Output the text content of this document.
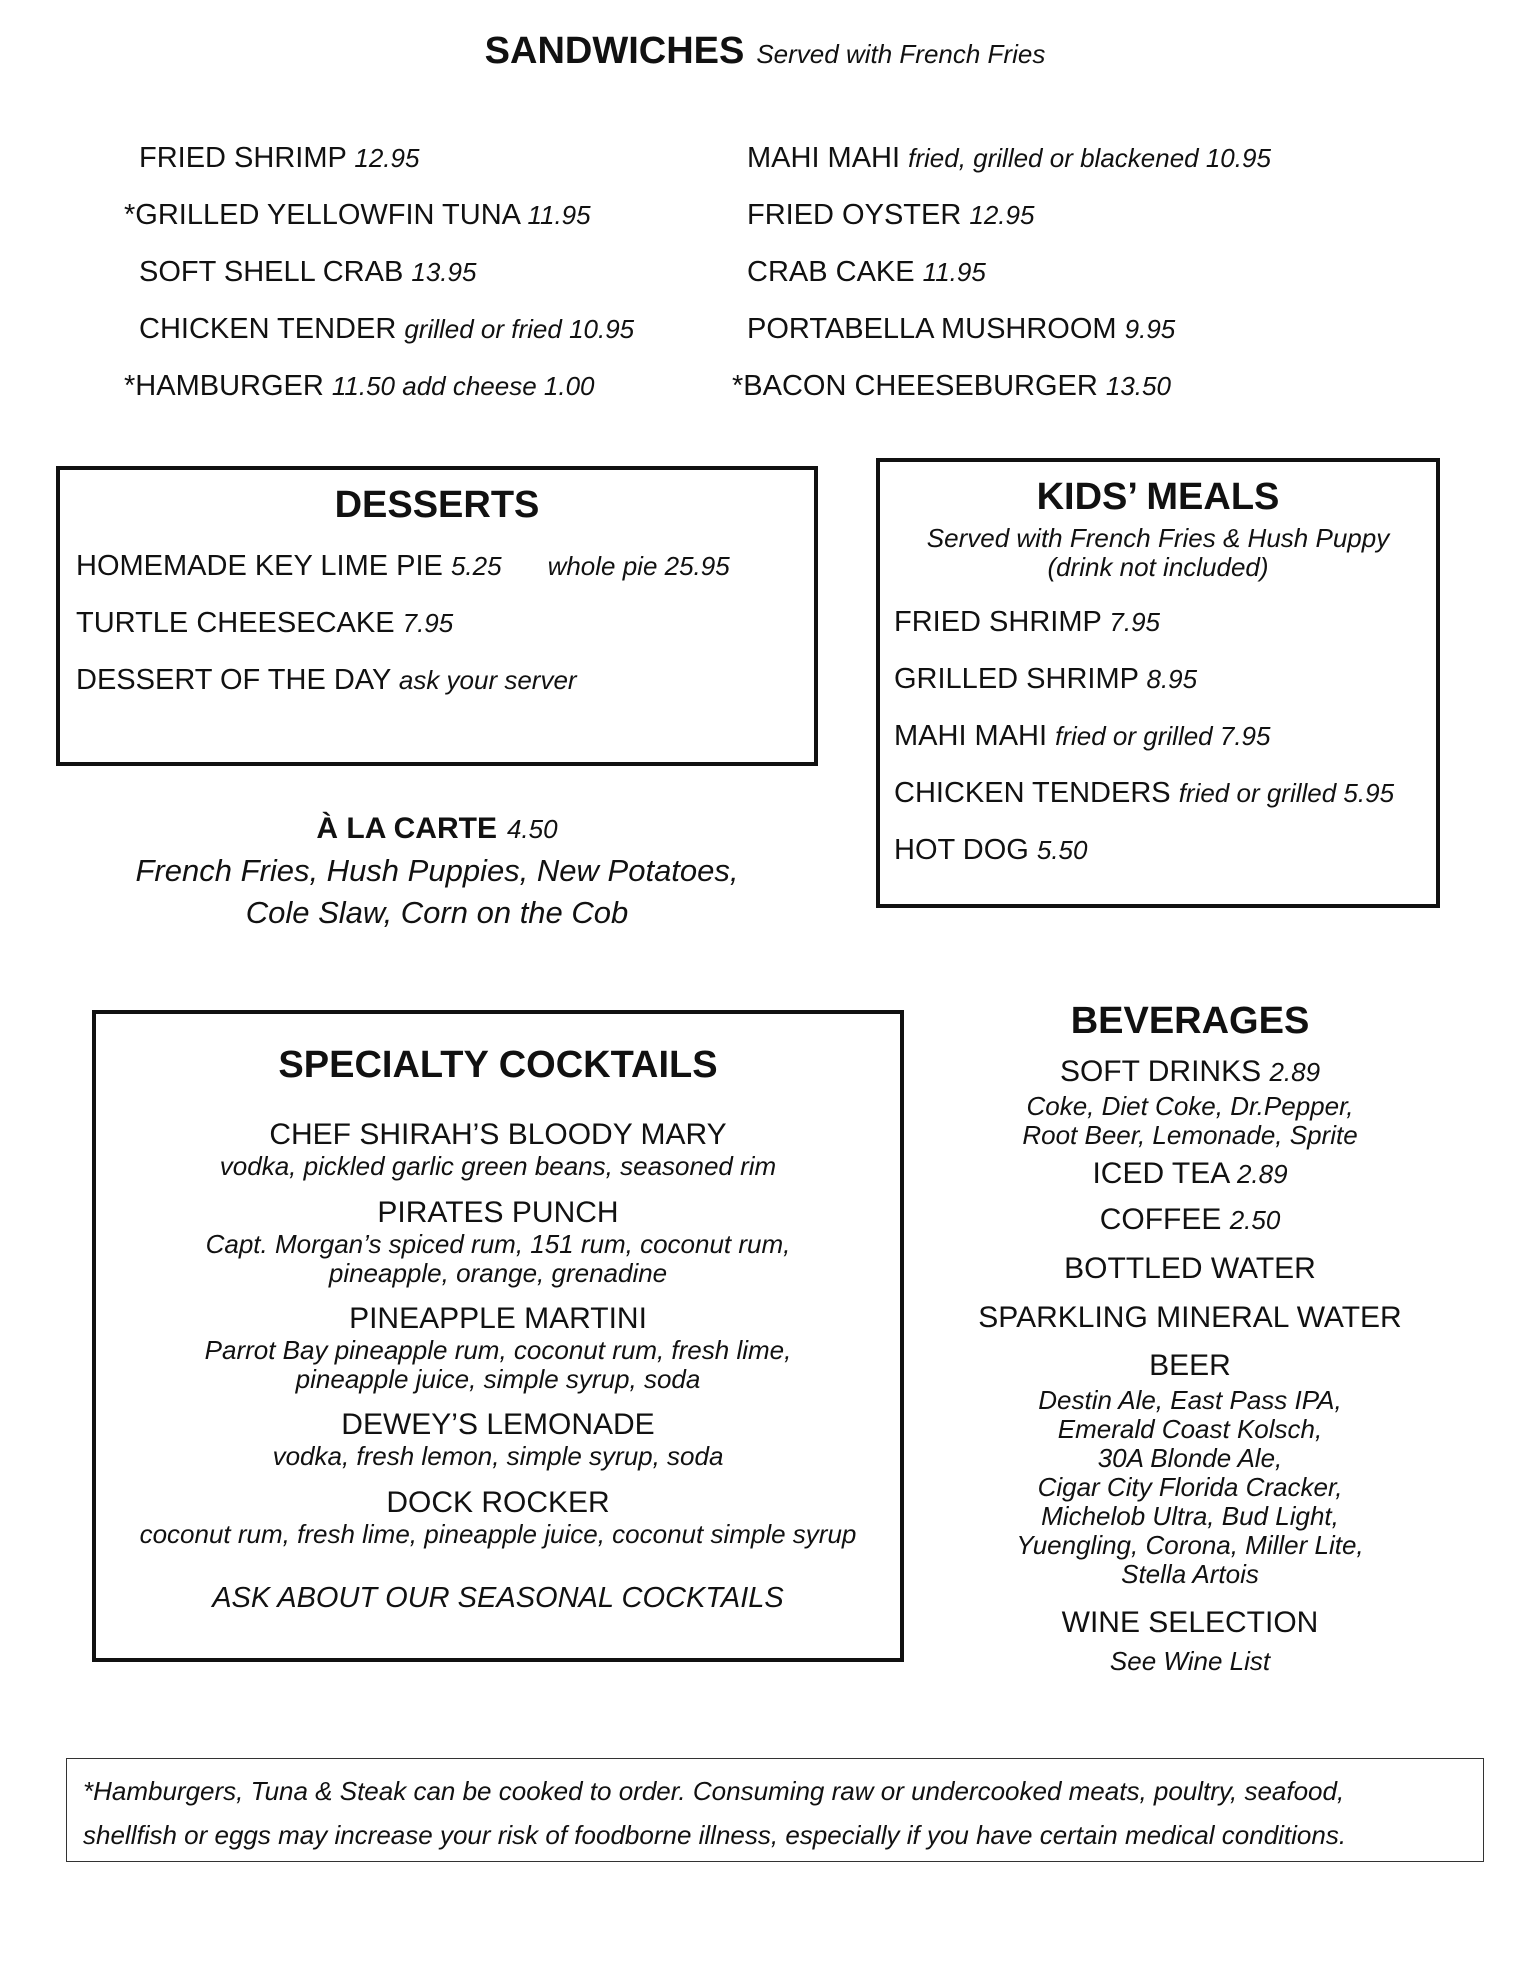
SANDWICHES Served with French Fries
FRIED SHRIMP 12.95
*GRILLED YELLOWFIN TUNA 11.95
SOFT SHELL CRAB 13.95
CHICKEN TENDER grilled or fried 10.95
*HAMBURGER 11.50 add cheese 1.00
MAHI MAHI fried, grilled or blackened 10.95
FRIED OYSTER 12.95
CRAB CAKE 11.95
PORTABELLA MUSHROOM 9.95
*BACON CHEESEBURGER 13.50
DESSERTS
HOMEMADE KEY LIME PIE 5.25 whole pie 25.95
TURTLE CHEESECAKE 7.95
DESSERT OF THE DAY ask your server
À LA CARTE 4.50
French Fries, Hush Puppies, New Potatoes,
Cole Slaw, Corn on the Cob
KIDS’ MEALS
Served with French Fries & Hush Puppy
(drink not included)
FRIED SHRIMP 7.95
GRILLED SHRIMP 8.95
MAHI MAHI fried or grilled 7.95
CHICKEN TENDERS fried or grilled 5.95
HOT DOG 5.50
SPECIALTY COCKTAILS
CHEF SHIRAH’S BLOODY MARY
vodka, pickled garlic green beans, seasoned rim
PIRATES PUNCH
Capt. Morgan’s spiced rum, 151 rum, coconut rum,
pineapple, orange, grenadine
PINEAPPLE MARTINI
Parrot Bay pineapple rum, coconut rum, fresh lime,
pineapple juice, simple syrup, soda
DEWEY’S LEMONADE
vodka, fresh lemon, simple syrup, soda
DOCK ROCKER
coconut rum, fresh lime, pineapple juice, coconut simple syrup
ASK ABOUT OUR SEASONAL COCKTAILS
BEVERAGES
SOFT DRINKS 2.89
Coke, Diet Coke, Dr.Pepper,
Root Beer, Lemonade, Sprite
ICED TEA 2.89
COFFEE 2.50
BOTTLED WATER
SPARKLING MINERAL WATER
BEER
Destin Ale, East Pass IPA,
Emerald Coast Kolsch,
30A Blonde Ale,
Cigar City Florida Cracker,
Michelob Ultra, Bud Light,
Yuengling, Corona, Miller Lite,
Stella Artois
WINE SELECTION
See Wine List
*Hamburgers, Tuna & Steak can be cooked to order. Consuming raw or undercooked meats, poultry, seafood,
shellfish or eggs may increase your risk of foodborne illness, especially if you have certain medical conditions.
